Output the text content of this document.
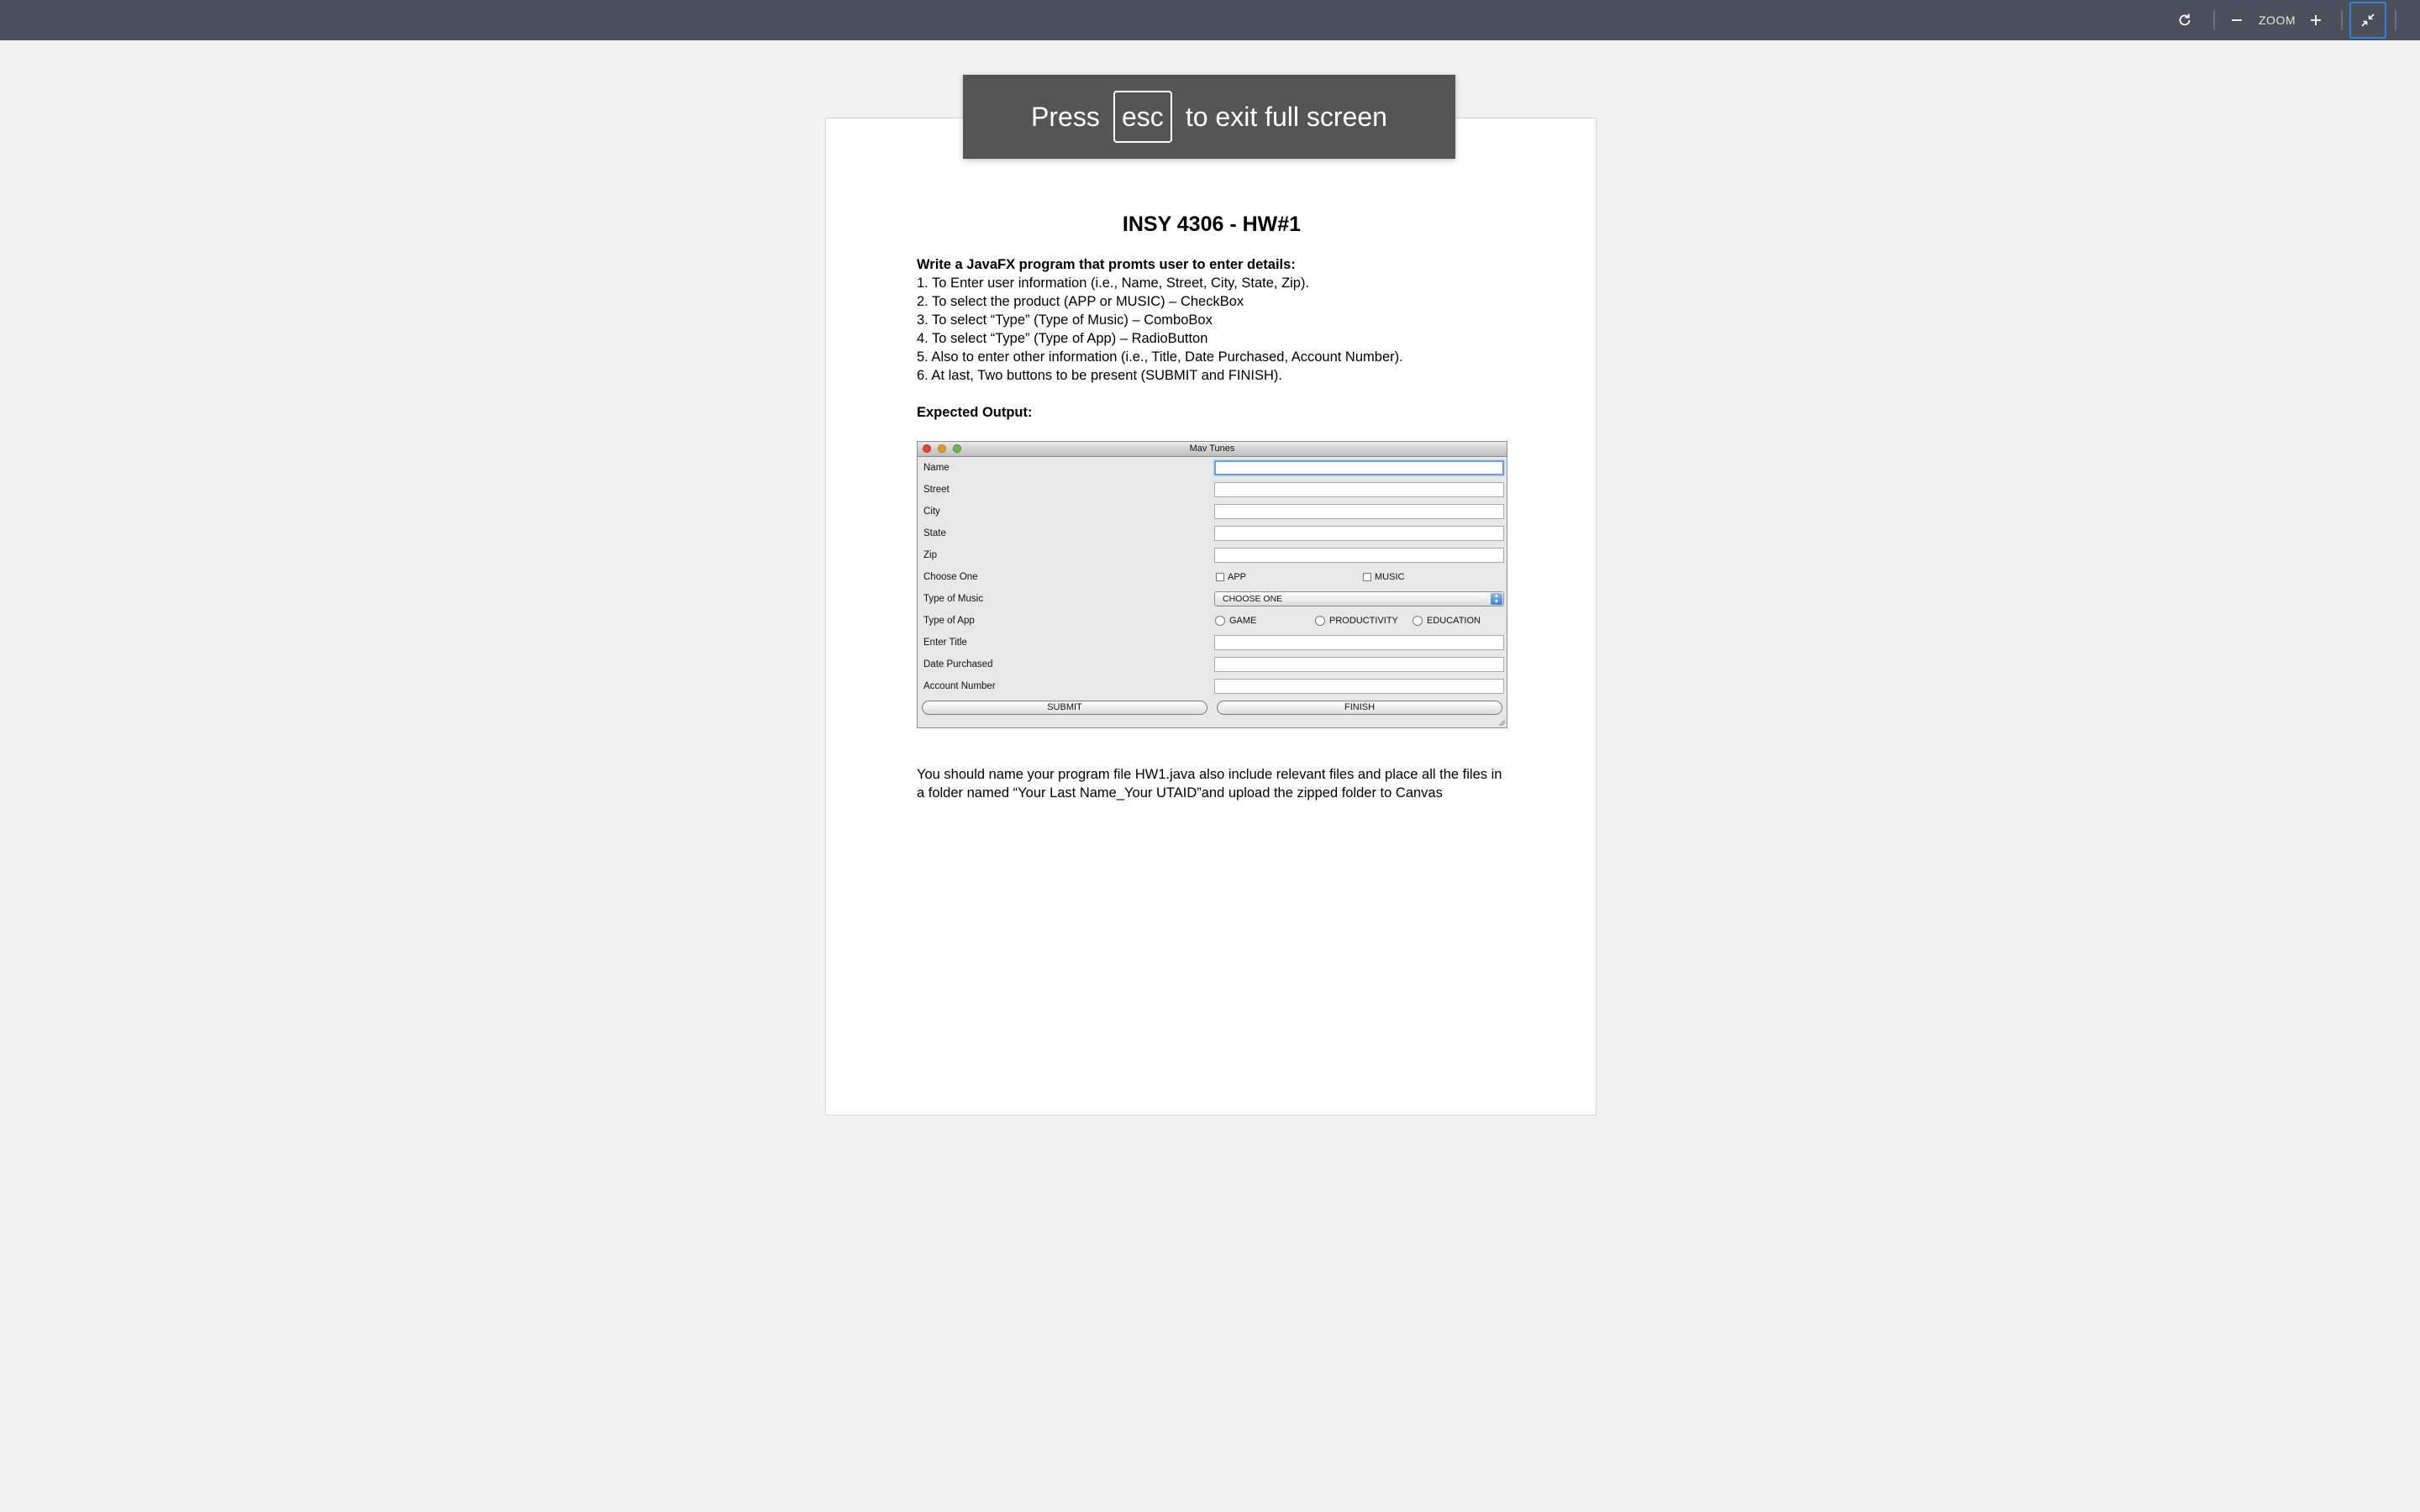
ZOOM
INSY 4306 - HW#1
Write a JavaFX program that promts user to enter details:
1. To Enter user information (i.e., Name, Street, City, State, Zip).
2. To select the product (APP or MUSIC) – CheckBox
3. To select “Type” (Type of Music) – ComboBox
4. To select “Type” (Type of App) – RadioButton
5. Also to enter other information (i.e., Title, Date Purchased, Account Number).
6. At last, Two buttons to be present (SUBMIT and FINISH).
Expected Output:
Mav Tunes
Name
Street
City
State
Zip
Choose One	APP	MUSIC
Type of Music	CHOOSE ONE	▲
▼
Type of App	GAME	PRODUCTIVITY	EDUCATION
Enter Title
Date Purchased
Account Number
SUBMIT	FINISH
You should name your program file HW1.java also include relevant files and place all the files in a folder named “Your Last Name_Your UTAID”and upload the zipped folder to Canvas
Press esc to exit full screen
